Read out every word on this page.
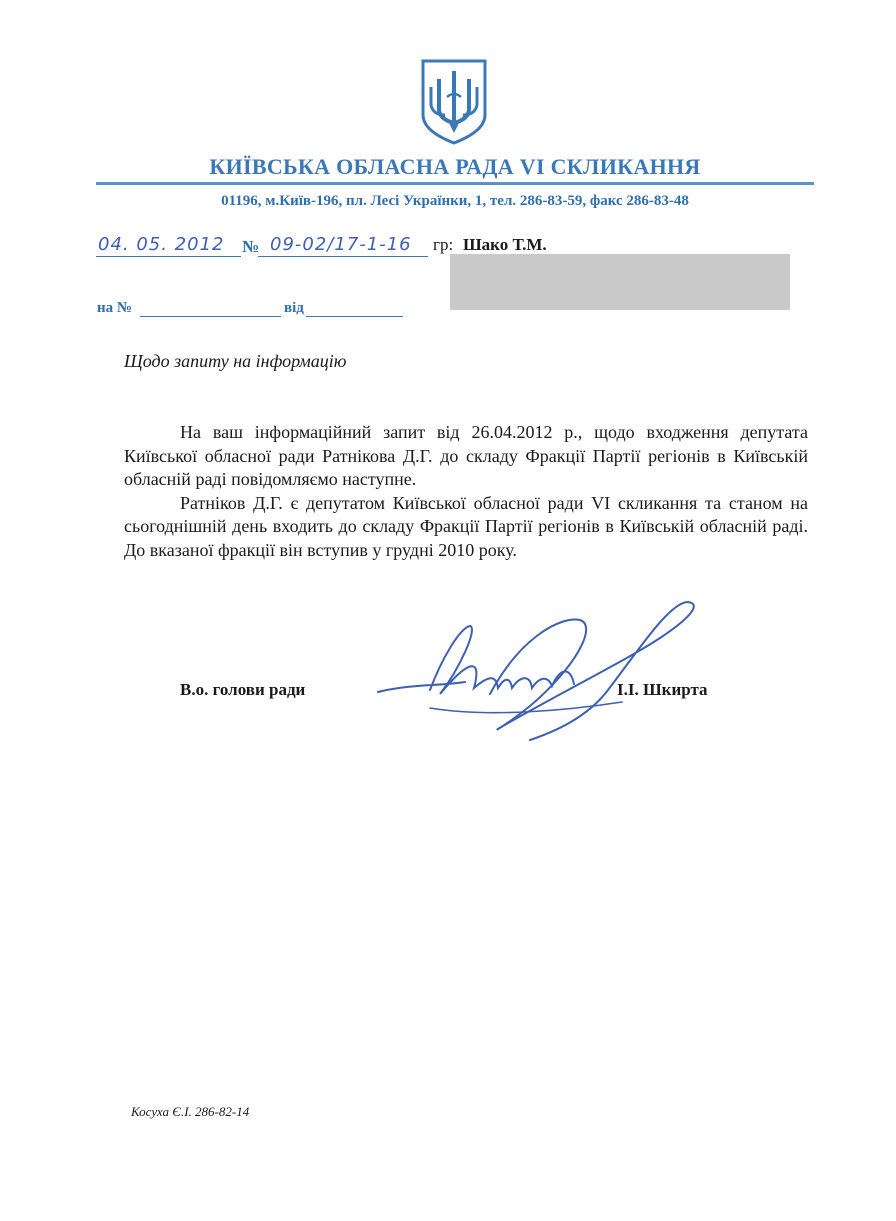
КИЇВСЬКА ОБЛАСНА РАДА VI СКЛИКАННЯ
01196, м.Київ-196, пл. Лесі Українки, 1, тел. 286-83-59, факс 286-83-48
04. 05. 2012	№ 09-02/17-1-16	гр: Шако Т.М.
на №	від
Щодо запиту на інформацію

На ваш інформаційний запит від 26.04.2012 р., щодо входження депутата Київської обласної ради Ратнікова Д.Г. до складу Фракції Партії регіонів в Київській обласній раді повідомляємо наступне.

Ратніков Д.Г. є депутатом Київської обласної ради VI скликання та станом на сьогоднішній день входить до складу Фракції Партії регіонів в Київській обласній раді. До вказаної фракції він вступив у грудні 2010 року.

В.о. голови ради	І.І. Шкирта
Косуха Є.І. 286-82-14
